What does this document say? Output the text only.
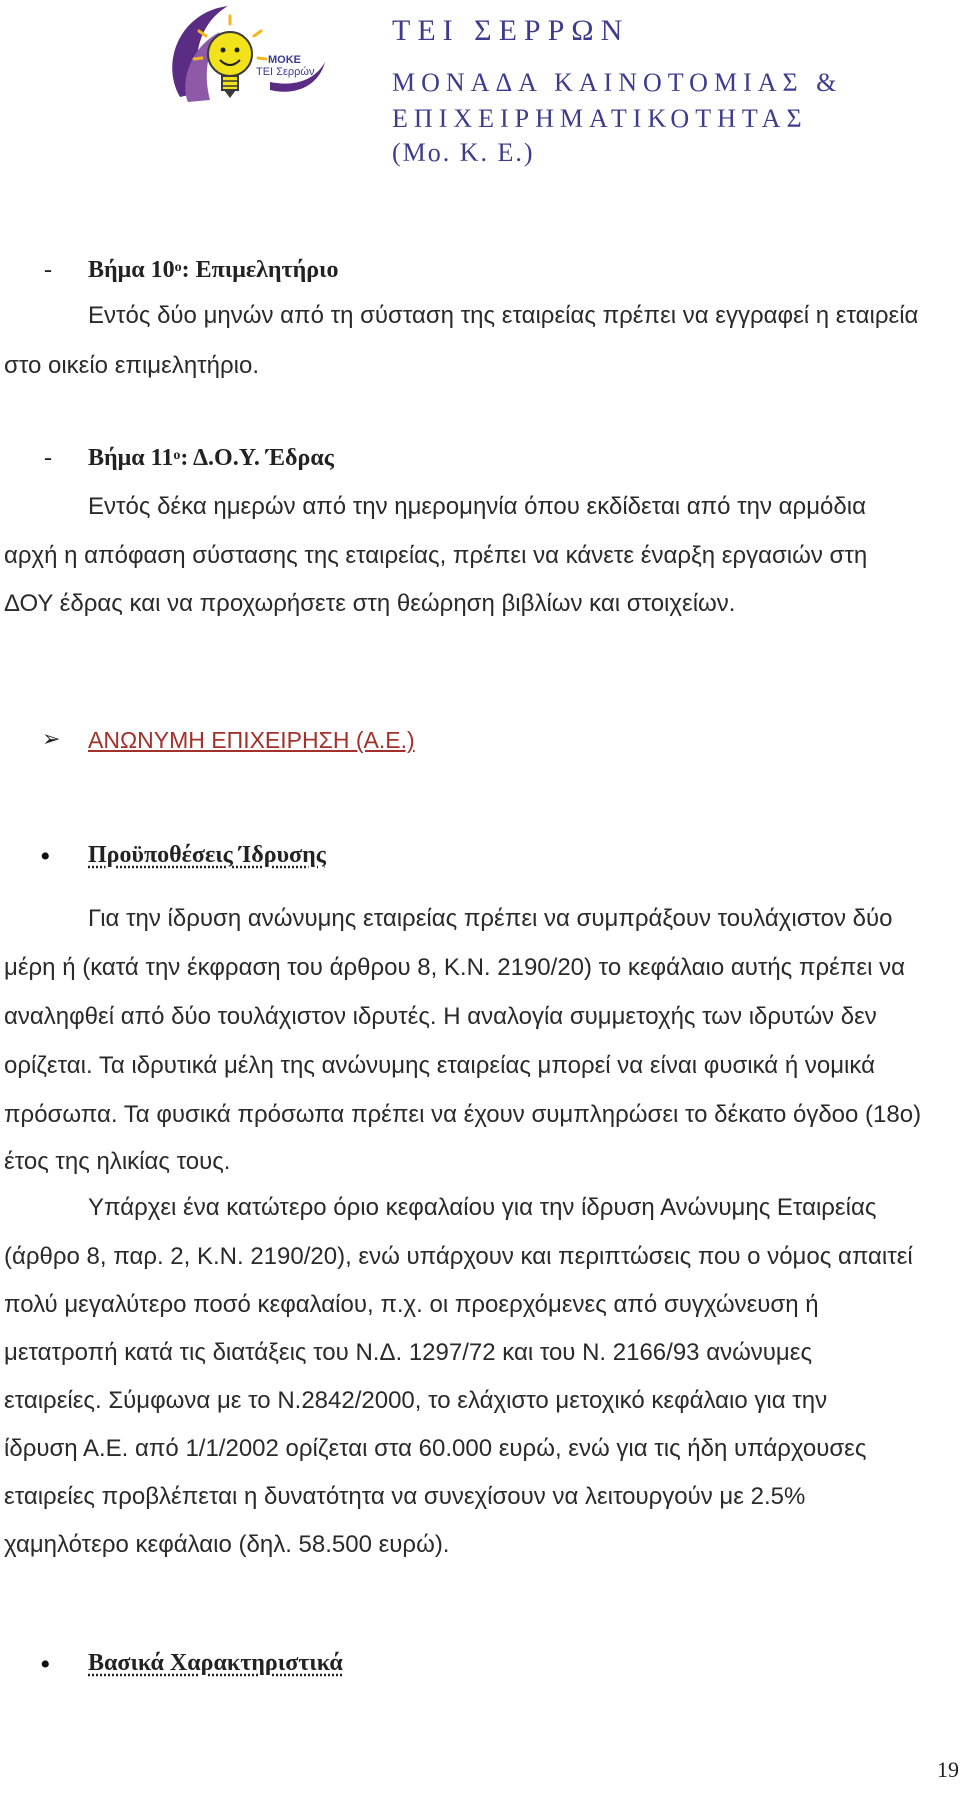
ΜΟΚΕ
ΤΕΙ Σερρών
ΤΕΙ ΣΕΡΡΩΝ
ΜΟΝΑΔΑ ΚΑΙΝΟΤΟΜΙΑΣ &
ΕΠΙΧΕΙΡΗΜΑΤΙΚΟΤΗΤΑΣ
(Μο. Κ. Ε.)
- Βήμα $10^o$: Επιμελητήριο
Εντός δύο μηνών από τη σύσταση της εταιρείας πρέπει να εγγραφεί η εταιρεία
στο οικείο επιμελητήριο.
- Βήμα $11^o$: Δ.Ο.Υ. Έδρας
Εντός δέκα ημερών από την ημερομηνία όπου εκδίδεται από την αρμόδια
αρχή η απόφαση σύστασης της εταιρείας, πρέπει να κάνετε έναρξη εργασιών στη
ΔΟΥ έδρας και να προχωρήσετε στη θεώρηση βιβλίων και στοιχείων.
➢ ΑΝΩΝΥΜΗ ΕΠΙΧΕΙΡΗΣΗ (Α.Ε.)
• Προϋποθέσεις Ίδρυσης
Για την ίδρυση ανώνυμης εταιρείας πρέπει να συμπράξουν τουλάχιστον δύο
μέρη ή (κατά την έκφραση του άρθρου 8, Κ.Ν. 2190/20) το κεφάλαιο αυτής πρέπει να
αναληφθεί από δύο τουλάχιστον ιδρυτές. Η αναλογία συμμετοχής των ιδρυτών δεν
ορίζεται. Τα ιδρυτικά μέλη της ανώνυμης εταιρείας μπορεί να είναι φυσικά ή νομικά
πρόσωπα. Τα φυσικά πρόσωπα πρέπει να έχουν συμπληρώσει το δέκατο όγδοο (18ο)
έτος της ηλικίας τους.
Υπάρχει ένα κατώτερο όριο κεφαλαίου για την ίδρυση Ανώνυμης Εταιρείας
(άρθρο 8, παρ. 2, Κ.Ν. 2190/20), ενώ υπάρχουν και περιπτώσεις που ο νόμος απαιτεί
πολύ μεγαλύτερο ποσό κεφαλαίου, π.χ. οι προερχόμενες από συγχώνευση ή
μετατροπή κατά τις διατάξεις του Ν.Δ. 1297/72 και του Ν. 2166/93 ανώνυμες
εταιρείες. Σύμφωνα με το Ν.2842/2000, το ελάχιστο μετοχικό κεφάλαιο για την
ίδρυση Α.Ε. από 1/1/2002 ορίζεται στα 60.000 ευρώ, ενώ για τις ήδη υπάρχουσες
εταιρείες προβλέπεται η δυνατότητα να συνεχίσουν να λειτουργούν με 2.5%
χαμηλότερο κεφάλαιο (δηλ. 58.500 ευρώ).
• Βασικά Χαρακτηριστικά
19
